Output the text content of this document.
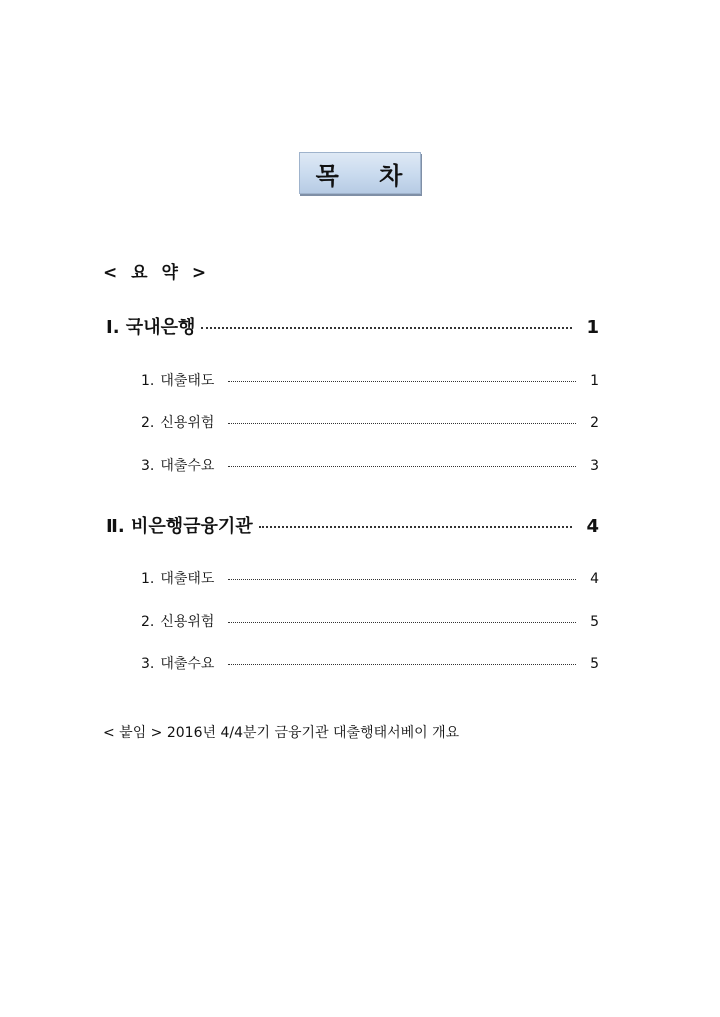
목 차
< 요 약 >
Ⅰ. 국내은행	1
1. 대출태도	1
2. 신용위험	2
3. 대출수요	3
Ⅱ. 비은행금융기관	4
1. 대출태도	4
2. 신용위험	5
3. 대출수요	5
< 붙임 > 2016년 4/4분기 금융기관 대출행태서베이 개요
